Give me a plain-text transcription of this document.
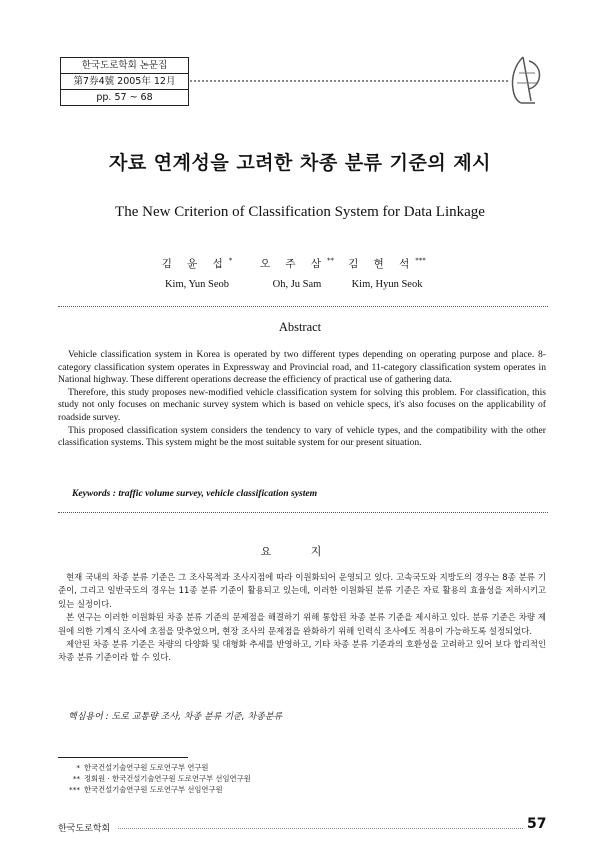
한국도로학회 논문집
第7券4號 2005年 12月
pp. 57 ~ 68
자료 연계성을 고려한 차종 분류 기준의 제시
The New Criterion of Classification System for Data Linkage
김 윤 섭*
Kim, Yun Seob
오 주 삼**
Oh, Ju Sam
김 현 석***
Kim, Hyun Seok
Abstract

Vehicle classification system in Korea is operated by two different types depending on operating purpose and place. 8-category classification system operates in Expressway and Provincial road, and 11-category classification system operates in National highway. These different operations decrease the efficiency of practical use of gathering data.

Therefore, this study proposes new-modified vehicle classification system for solving this problem. For classification, this study not only focuses on mechanic survey system which is based on vehicle specs, it's also focuses on the applicability of roadside survey.

This proposed classification system considers the tendency to vary of vehicle types, and the compatibility with the other classification systems. This system might be the most suitable system for our present situation.

Keywords : traffic volume survey, vehicle classification system
요 지

현재 국내의 차종 분류 기준은 그 조사목적과 조사지점에 따라 이원화되어 운영되고 있다. 고속국도와 지방도의 경우는 8종 분류 기준이, 그리고 일반국도의 경우는 11종 분류 기준이 활용되고 있는데, 이러한 이원화된 분류 기준은 자료 활용의 효율성을 저하시키고 있는 실정이다.

본 연구는 이러한 이원화된 차종 분류 기준의 문제점을 해결하기 위해 통합된 차종 분류 기준을 제시하고 있다. 분류 기준은 차량 제원에 의한 기계식 조사에 초점을 맞추었으며, 현장 조사의 문제점을 완화하기 위해 인력식 조사에도 적용이 가능하도록 설정되었다.

제안된 차종 분류 기준은 차량의 다양화 및 대형화 추세를 반영하고, 기타 차종 분류 기준과의 호환성을 고려하고 있어 보다 합리적인 차종 분류 기준이라 할 수 있다.

핵심용어 : 도로 교통량 조사, 차종 분류 기준, 차종분류
* 한국건설기술연구원 도로연구부 연구원
** 정회원 · 한국건설기술연구원 도로연구부 선임연구원
*** 한국건설기술연구원 도로연구부 선임연구원
한국도로학회	57
